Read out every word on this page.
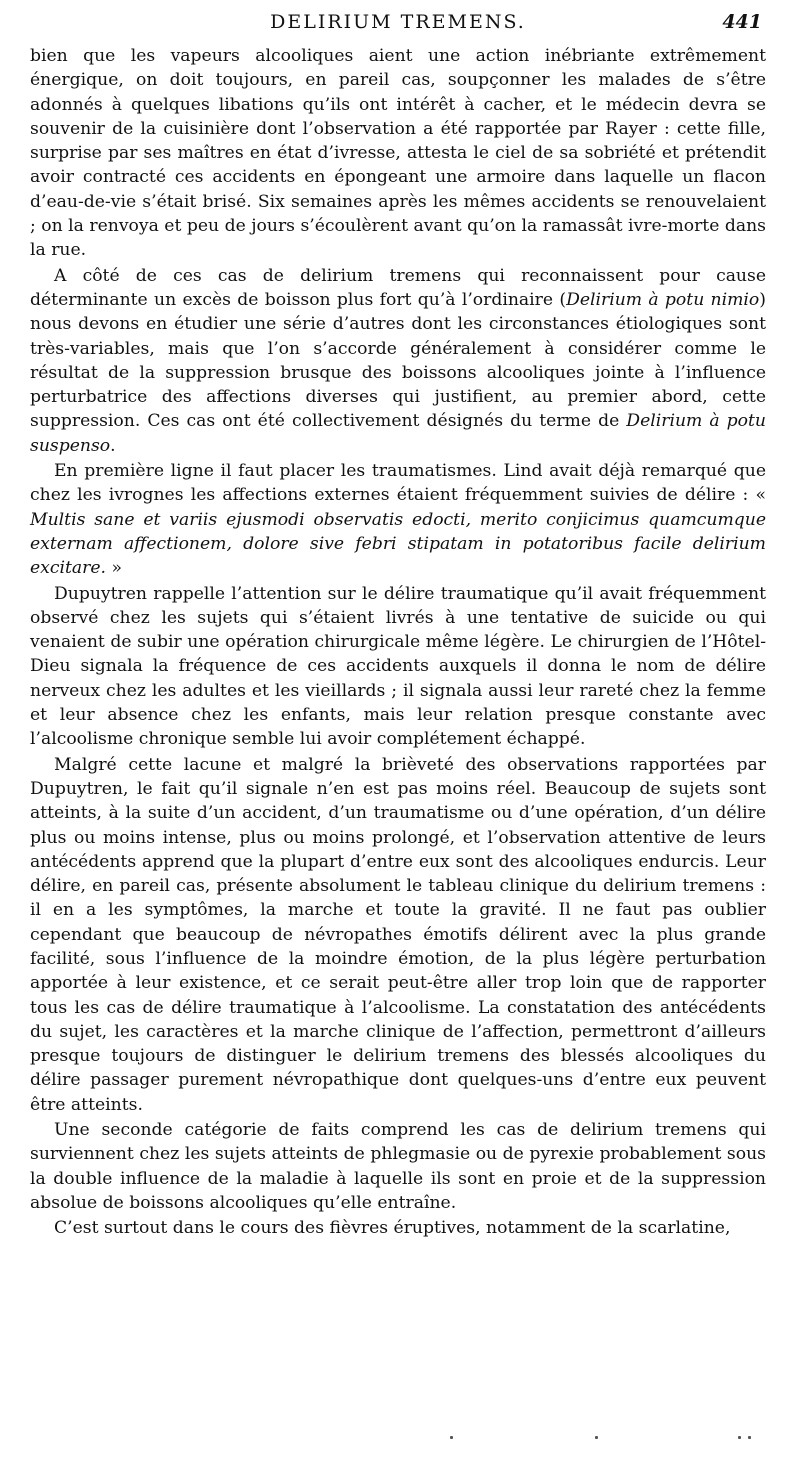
DELIRIUM TREMENS.	441

bien que les vapeurs alcooliques aient une action inébriante extrêmement énergique, on doit toujours, en pareil cas, soupçonner les malades de s’être adonnés à quelques libations qu’ils ont intérêt à cacher, et le médecin devra se souvenir de la cuisinière dont l’observation a été rapportée par Rayer : cette fille, surprise par ses maîtres en état d’ivresse, attesta le ciel de sa sobriété et prétendit avoir contracté ces accidents en épongeant une armoire dans laquelle un flacon d’eau-de-vie s’était brisé. Six semaines après les mêmes accidents se renouvelaient ; on la renvoya et peu de jours s’écoulèrent avant qu’on la ramassât ivre-morte dans la rue.

A côté de ces cas de delirium tremens qui reconnaissent pour cause déterminante un excès de boisson plus fort qu’à l’ordinaire (Delirium à potu nimio) nous devons en étudier une série d’autres dont les circonstances étiologiques sont très-variables, mais que l’on s’accorde généralement à considérer comme le résultat de la suppression brusque des boissons alcooliques jointe à l’influence perturbatrice des affections diverses qui justifient, au premier abord, cette suppression. Ces cas ont été collectivement désignés du terme de Delirium à potu suspenso.

En première ligne il faut placer les traumatismes. Lind avait déjà remarqué que chez les ivrognes les affections externes étaient fréquemment suivies de délire : « Multis sane et variis ejusmodi observatis edocti, merito conjicimus quamcumque externam affectionem, dolore sive febri stipatam in potatoribus facile delirium excitare. »

Dupuytren rappelle l’attention sur le délire traumatique qu’il avait fréquemment observé chez les sujets qui s’étaient livrés à une tentative de suicide ou qui venaient de subir une opération chirurgicale même légère. Le chirurgien de l’Hôtel-Dieu signala la fréquence de ces accidents auxquels il donna le nom de délire nerveux chez les adultes et les vieillards ; il signala aussi leur rareté chez la femme et leur absence chez les enfants, mais leur relation presque constante avec l’alcoolisme chronique semble lui avoir complétement échappé.

Malgré cette lacune et malgré la brièveté des observations rapportées par Dupuytren, le fait qu’il signale n’en est pas moins réel. Beaucoup de sujets sont atteints, à la suite d’un accident, d’un traumatisme ou d’une opération, d’un délire plus ou moins intense, plus ou moins prolongé, et l’observation attentive de leurs antécédents apprend que la plupart d’entre eux sont des alcooliques endurcis. Leur délire, en pareil cas, présente absolument le tableau clinique du delirium tremens : il en a les symptômes, la marche et toute la gravité. Il ne faut pas oublier cependant que beaucoup de névropathes émotifs délirent avec la plus grande facilité, sous l’influence de la moindre émotion, de la plus légère perturbation apportée à leur existence, et ce serait peut-être aller trop loin que de rapporter tous les cas de délire traumatique à l’alcoolisme. La constatation des antécédents du sujet, les caractères et la marche clinique de l’affection, permettront d’ailleurs presque toujours de distinguer le delirium tremens des blessés alcooliques du délire passager purement névropathique dont quelques-uns d’entre eux peuvent être atteints.

Une seconde catégorie de faits comprend les cas de delirium tremens qui surviennent chez les sujets atteints de phlegmasie ou de pyrexie probablement sous la double influence de la maladie à laquelle ils sont en proie et de la suppression absolue de boissons alcooliques qu’elle entraîne.

C’est surtout dans le cours des fièvres éruptives, notamment de la scarlatine,
